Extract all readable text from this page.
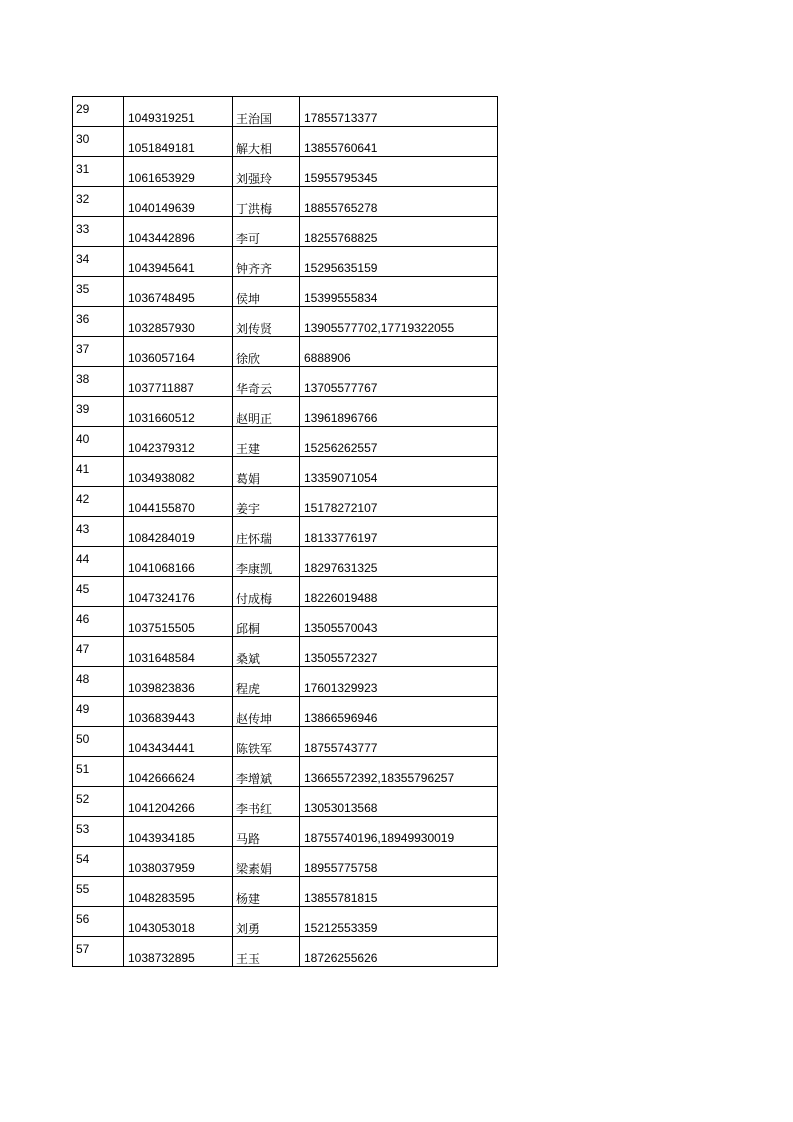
29	1049319251	王治国	17855713377

30	1051849181	解大相	13855760641

31	1061653929	刘强玲	15955795345

32	1040149639	丁洪梅	18855765278

33	1043442896	李可	18255768825

34	1043945641	钟齐齐	15295635159

35	1036748495	侯坤	15399555834

36	1032857930	刘传贤	13905577702,17719322055

37	1036057164	徐欣	6888906

38	1037711887	华奇云	13705577767

39	1031660512	赵明正	13961896766

40	1042379312	王建	15256262557

41	1034938082	葛娟	13359071054

42	1044155870	姜宇	15178272107

43	1084284019	庄怀瑞	18133776197

44	1041068166	李康凯	18297631325

45	1047324176	付成梅	18226019488

46	1037515505	邱桐	13505570043

47	1031648584	桑斌	13505572327

48	1039823836	程虎	17601329923

49	1036839443	赵传坤	13866596946

50	1043434441	陈铁军	18755743777

51	1042666624	李增斌	13665572392,18355796257

52	1041204266	李书红	13053013568

53	1043934185	马路	18755740196,18949930019

54	1038037959	梁素娟	18955775758

55	1048283595	杨建	13855781815

56	1043053018	刘勇	15212553359

57	1038732895	王玉	18726255626
